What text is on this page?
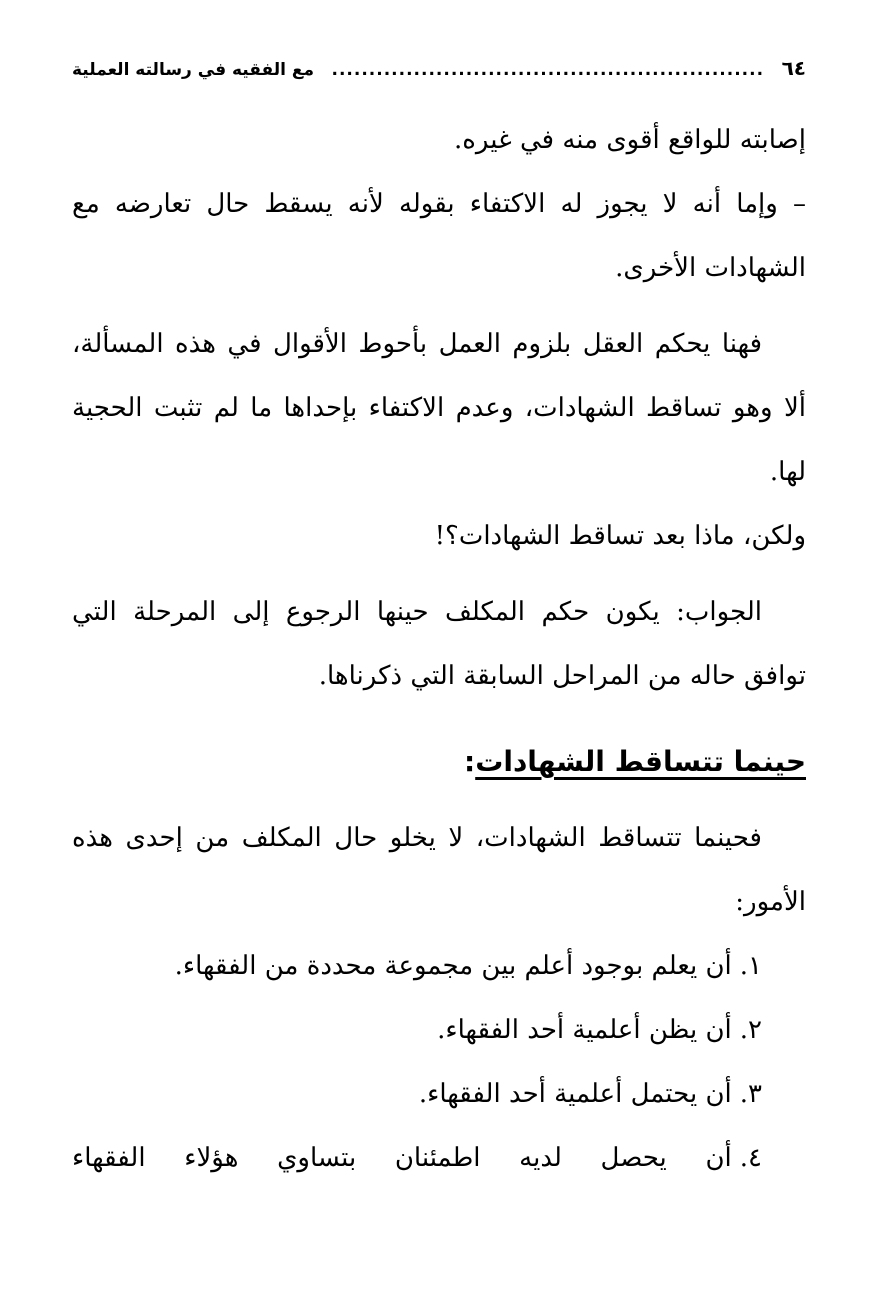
٦٤
..........................................................
مع الفقيه في رسالته العملية

إصابته للواقع أقوى منه في غيره.

– وإما أنه لا يجوز له الاكتفاء بقوله لأنه يسقط حال تعارضه مع الشهادات الأخرى.

فهنا يحكم العقل بلزوم العمل بأحوط الأقوال في هذه المسألة، ألا وهو تساقط الشهادات، وعدم الاكتفاء بإحداها ما لم تثبت الحجية لها.

ولكن، ماذا بعد تساقط الشهادات؟!

الجواب: يكون حكم المكلف حينها الرجوع إلى المرحلة التي توافق حاله من المراحل السابقة التي ذكرناها.

حينما تتساقط الشهادات:

فحينما تتساقط الشهادات، لا يخلو حال المكلف من إحدى هذه الأمور:

١.أن يعلم بوجود أعلم بين مجموعة محددة من الفقهاء.
٢.أن يظن أعلمية أحد الفقهاء.
٣.أن يحتمل أعلمية أحد الفقهاء.
٤.أن يحصل لديه اطمئنان بتساوي هؤلاء الفقهاء
